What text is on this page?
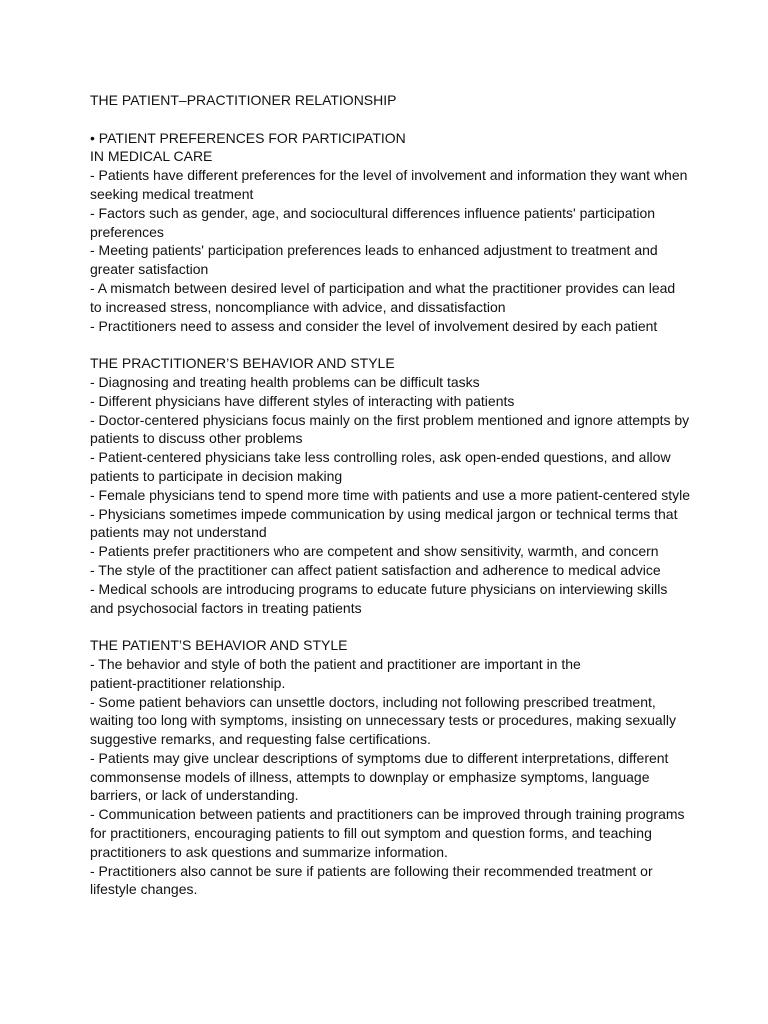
THE PATIENT–PRACTITIONER RELATIONSHIP

• PATIENT PREFERENCES FOR PARTICIPATION

IN MEDICAL CARE

- Patients have different preferences for the level of involvement and information they want when seeking medical treatment

- Factors such as gender, age, and sociocultural differences influence patients' participation preferences

- Meeting patients' participation preferences leads to enhanced adjustment to treatment and greater satisfaction

- A mismatch between desired level of participation and what the practitioner provides can lead to increased stress, noncompliance with advice, and dissatisfaction

- Practitioners need to assess and consider the level of involvement desired by each patient

THE PRACTITIONER’S BEHAVIOR AND STYLE

- Diagnosing and treating health problems can be difficult tasks

- Different physicians have different styles of interacting with patients

- Doctor-centered physicians focus mainly on the first problem mentioned and ignore attempts by patients to discuss other problems

- Patient-centered physicians take less controlling roles, ask open-ended questions, and allow patients to participate in decision making

- Female physicians tend to spend more time with patients and use a more patient-centered style

- Physicians sometimes impede communication by using medical jargon or technical terms that patients may not understand

- Patients prefer practitioners who are competent and show sensitivity, warmth, and concern

- The style of the practitioner can affect patient satisfaction and adherence to medical advice

- Medical schools are introducing programs to educate future physicians on interviewing skills and psychosocial factors in treating patients

THE PATIENT’S BEHAVIOR AND STYLE

- The behavior and style of both the patient and practitioner are important in the
patient-practitioner relationship.

- Some patient behaviors can unsettle doctors, including not following prescribed treatment, waiting too long with symptoms, insisting on unnecessary tests or procedures, making sexually suggestive remarks, and requesting false certifications.

- Patients may give unclear descriptions of symptoms due to different interpretations, different commonsense models of illness, attempts to downplay or emphasize symptoms, language barriers, or lack of understanding.

- Communication between patients and practitioners can be improved through training programs for practitioners, encouraging patients to fill out symptom and question forms, and teaching practitioners to ask questions and summarize information.

- Practitioners also cannot be sure if patients are following their recommended treatment or lifestyle changes.
